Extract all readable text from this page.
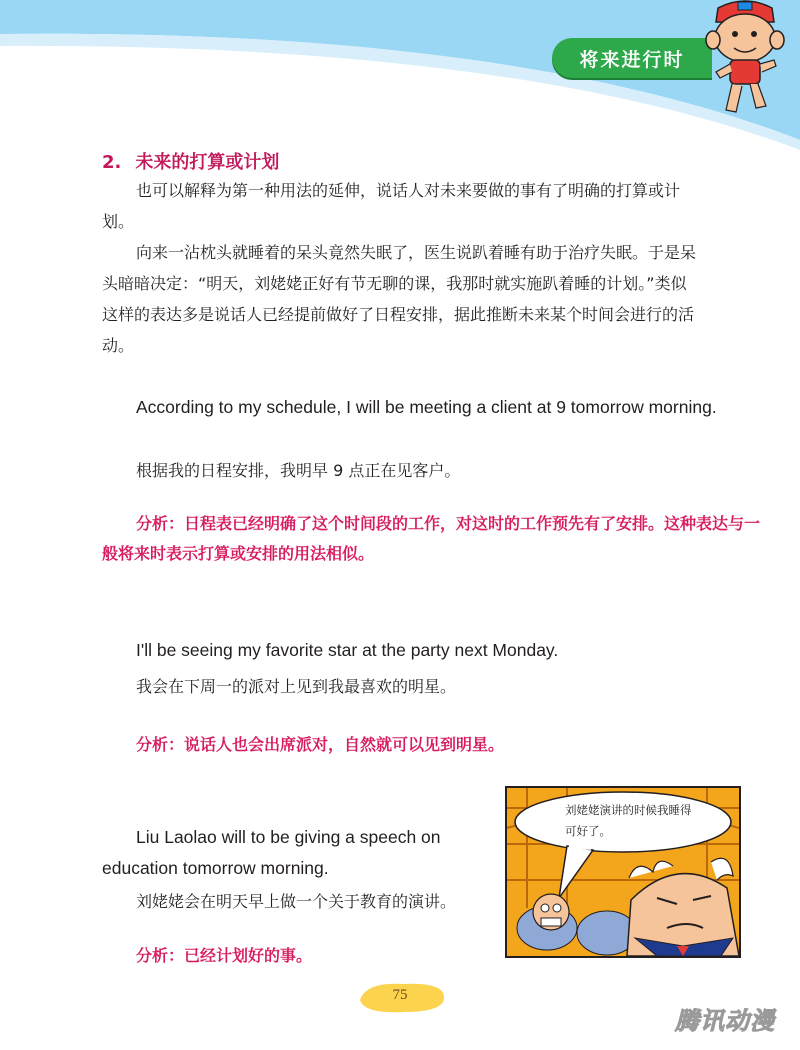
将来进行时
2. 未来的打算或计划
也可以解释为第一种用法的延伸，说话人对未来要做的事有了明确的打算或计划。
向来一沾枕头就睡着的呆头竟然失眠了，医生说趴着睡有助于治疗失眠。于是呆头暗暗决定：“明天，刘姥姥正好有节无聊的课，我那时就实施趴着睡的计划。”类似这样的表达多是说话人已经提前做好了日程安排，据此推断未来某个时间会进行的活动。
According to my schedule, I will be meeting a client at 9 tomorrow morning.
根据我的日程安排，我明早 9 点正在见客户。
分析：日程表已经明确了这个时间段的工作，对这时的工作预先有了安排。这种表达与一般将来时表示打算或安排的用法相似。
I'll be seeing my favorite star at the party next Monday.
我会在下周一的派对上见到我最喜欢的明星。
分析：说话人也会出席派对，自然就可以见到明星。
Liu Laolao will to be giving a speech on education tomorrow morning.
刘姥姥会在明天早上做一个关于教育的演讲。
分析：已经计划好的事。
刘姥姥演讲的时候我睡得可好了。
75
腾讯动漫
